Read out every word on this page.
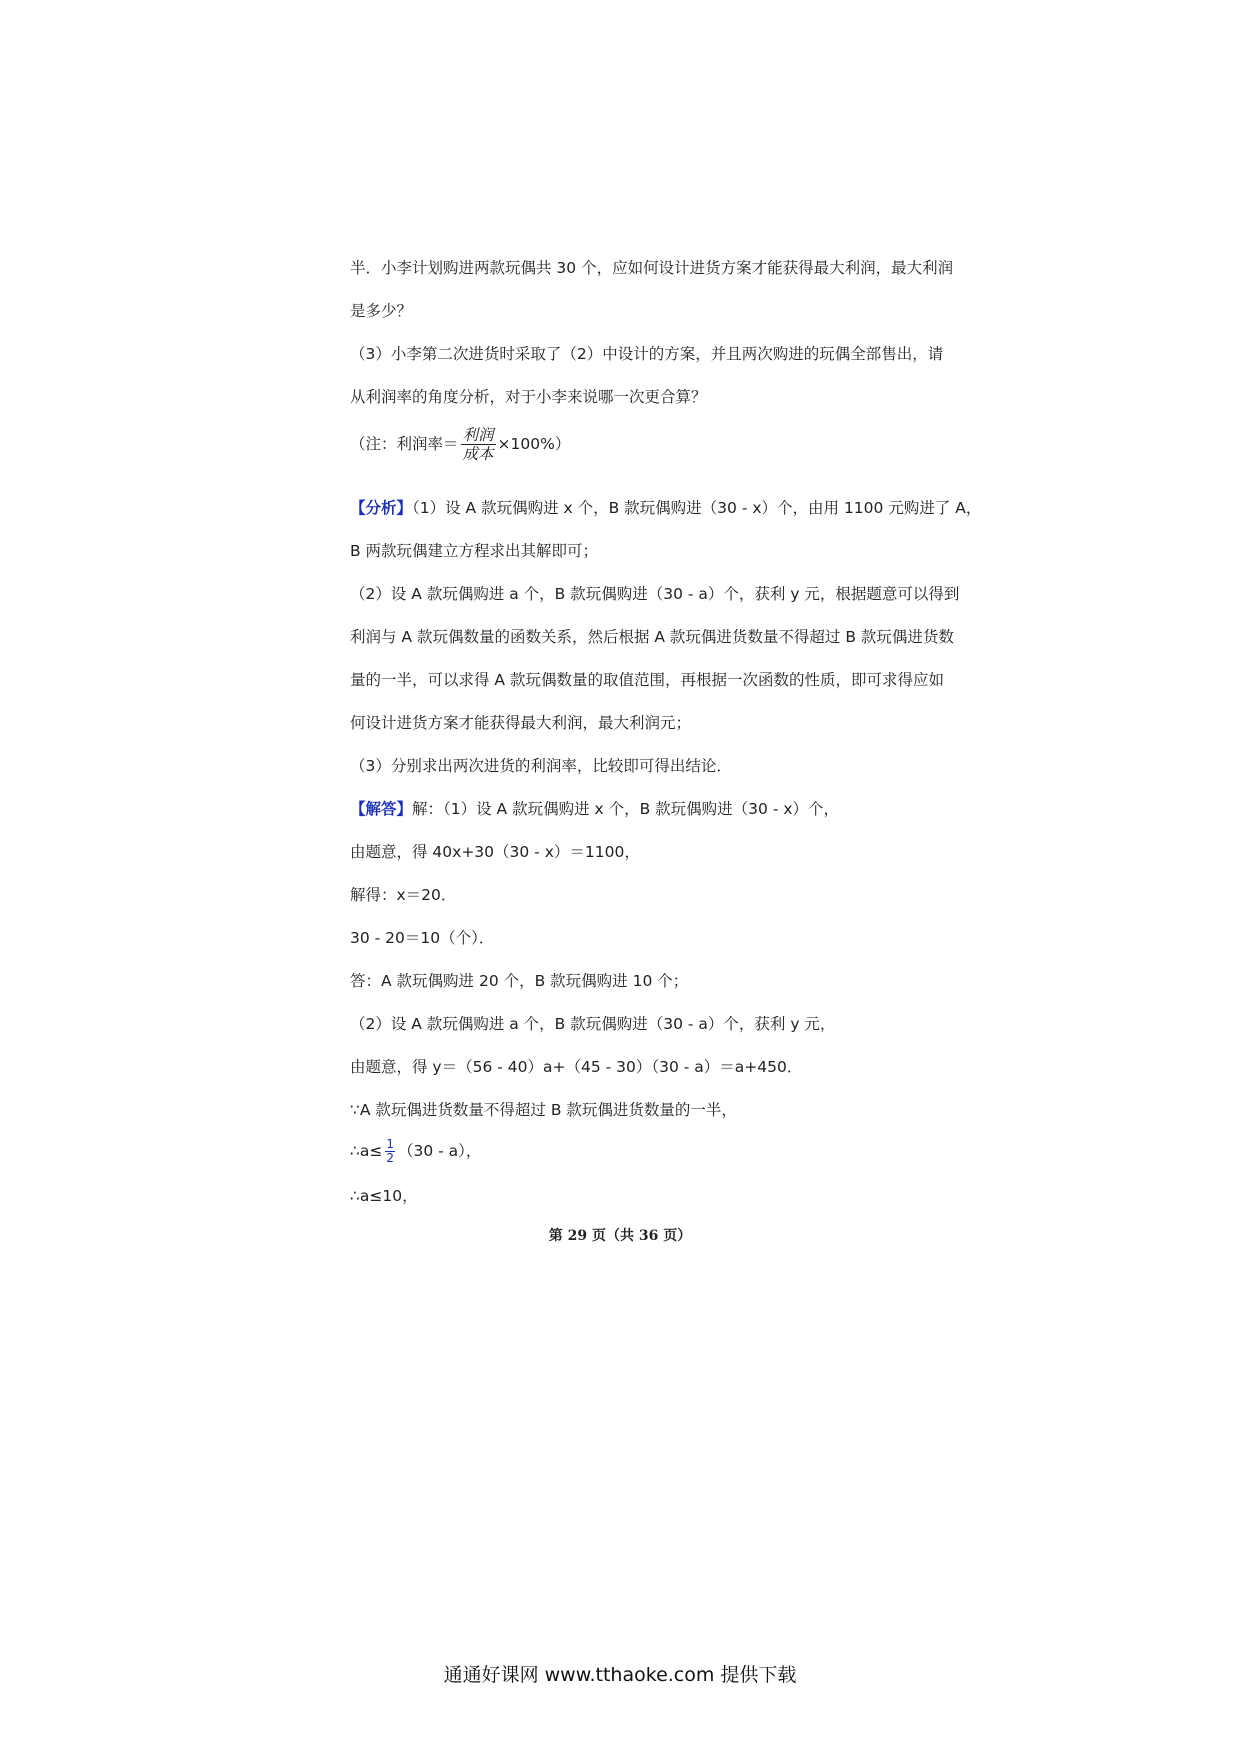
半．小李计划购进两款玩偶共 30 个，应如何设计进货方案才能获得最大利润，最大利润
是多少？
（3）小李第二次进货时采取了（2）中设计的方案，并且两次购进的玩偶全部售出，请
从利润率的角度分析，对于小李来说哪一次更合算？
（注：利润率＝ $\frac{\text{利润}}{\text{成本}} \times 100\%$）
【分析】（1）设 A 款玩偶购进 x 个，B 款玩偶购进（30 - x）个，由用 1100 元购进了 A，
B 两款玩偶建立方程求出其解即可；
（2）设 A 款玩偶购进 a 个，B 款玩偶购进（30 - a）个，获利 y 元，根据题意可以得到
利润与 A 款玩偶数量的函数关系，然后根据 A 款玩偶进货数量不得超过 B 款玩偶进货数
量的一半，可以求得 A 款玩偶数量的取值范围，再根据一次函数的性质，即可求得应如
何设计进货方案才能获得最大利润，最大利润元；
（3）分别求出两次进货的利润率，比较即可得出结论．
【解答】解：（1）设 A 款玩偶购进 x 个，B 款玩偶购进（30 - x）个，
由题意，得 40x+30（30 - x）＝1100，
解得：x＝20．
30 - 20＝10（个）．
答：A 款玩偶购进 20 个，B 款玩偶购进 10 个；
（2）设 A 款玩偶购进 a 个，B 款玩偶购进（30 - a）个，获利 y 元，
由题意，得 y＝（56 - 40）a+（45 - 30）（30 - a）＝a+450．
∵A 款玩偶进货数量不得超过 B 款玩偶进货数量的一半，
∴a≤ $\frac{1}{2} (30 - a)$，
∴a≤10，
第 29 页（共 36 页）
通通好课网 www.tthaoke.com 提供下载
